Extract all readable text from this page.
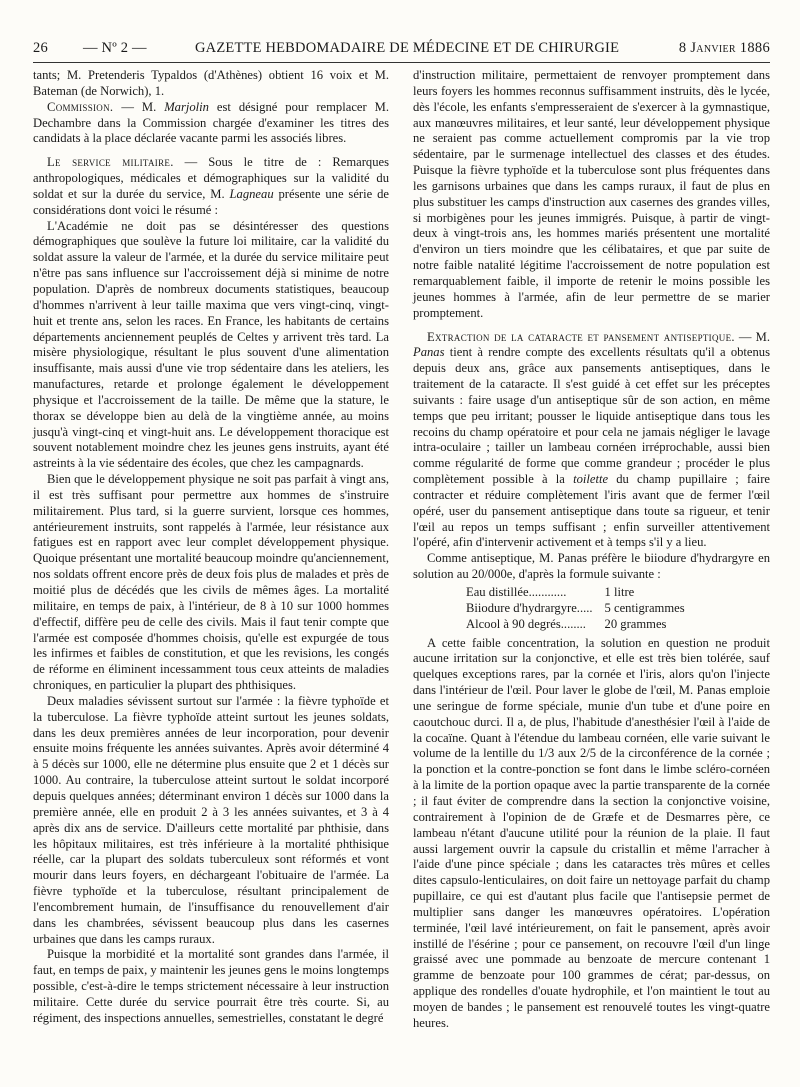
26 — Nº 2 —	GAZETTE HEBDOMADAIRE DE MÉDECINE ET DE CHIRURGIE	8 Janvier 1886

tants; M. Pretenderis Typaldos (d'Athènes) obtient 16 voix et M. Bateman (de Norwich), 1.

Commission. — M. Marjolin est désigné pour remplacer M. Dechambre dans la Commission chargée d'examiner les titres des candidats à la place déclarée vacante parmi les associés libres.

Le service militaire. — Sous le titre de : Remarques anthropologiques, médicales et démographiques sur la validité du soldat et sur la durée du service, M. Lagneau présente une série de considérations dont voici le résumé :

L'Académie ne doit pas se désintéresser des questions démographiques que soulève la future loi militaire, car la validité du soldat assure la valeur de l'armée, et la durée du service militaire peut n'être pas sans influence sur l'accroissement déjà si minime de notre population. D'après de nombreux documents statistiques, beaucoup d'hommes n'arrivent à leur taille maxima que vers vingt-cinq, vingt-huit et trente ans, selon les races. En France, les habitants de certains départements anciennement peuplés de Celtes y arrivent très tard. La misère physiologique, résultant le plus souvent d'une alimentation insuffisante, mais aussi d'une vie trop sédentaire dans les ateliers, les manufactures, retarde et prolonge également le développement physique et l'accroissement de la taille. De même que la stature, le thorax se développe bien au delà de la vingtième année, au moins jusqu'à vingt-cinq et vingt-huit ans. Le développement thoracique est souvent notablement moindre chez les jeunes gens instruits, ayant été astreints à la vie sédentaire des écoles, que chez les campagnards.

Bien que le développement physique ne soit pas parfait à vingt ans, il est très suffisant pour permettre aux hommes de s'instruire militairement. Plus tard, si la guerre survient, lorsque ces hommes, antérieurement instruits, sont rappelés à l'armée, leur résistance aux fatigues est en rapport avec leur complet développement physique. Quoique présentant une mortalité beaucoup moindre qu'anciennement, nos soldats offrent encore près de deux fois plus de malades et près de moitié plus de décédés que les civils de mêmes âges. La mortalité militaire, en temps de paix, à l'intérieur, de 8 à 10 sur 1000 hommes d'effectif, diffère peu de celle des civils. Mais il faut tenir compte que l'armée est composée d'hommes choisis, qu'elle est expurgée de tous les infirmes et faibles de constitution, et que les revisions, les congés de réforme en éliminent incessamment tous ceux atteints de maladies chroniques, en particulier la plupart des phthisiques.

Deux maladies sévissent surtout sur l'armée : la fièvre typhoïde et la tuberculose. La fièvre typhoïde atteint surtout les jeunes soldats, dans les deux premières années de leur incorporation, pour devenir ensuite moins fréquente les années suivantes. Après avoir déterminé 4 à 5 décès sur 1000, elle ne détermine plus ensuite que 2 et 1 décès sur 1000. Au contraire, la tuberculose atteint surtout le soldat incorporé depuis quelques années; déterminant environ 1 décès sur 1000 dans la première année, elle en produit 2 à 3 les années suivantes, et 3 à 4 après dix ans de service. D'ailleurs cette mortalité par phthisie, dans les hôpitaux militaires, est très inférieure à la mortalité phthisique réelle, car la plupart des soldats tuberculeux sont réformés et vont mourir dans leurs foyers, en déchargeant l'obituaire de l'armée. La fièvre typhoïde et la tuberculose, résultant principalement de l'encombrement humain, de l'insuffisance du renouvellement d'air dans les chambrées, sévissent beaucoup plus dans les casernes urbaines que dans les camps ruraux.

Puisque la morbidité et la mortalité sont grandes dans l'armée, il faut, en temps de paix, y maintenir les jeunes gens le moins longtemps possible, c'est-à-dire le temps strictement nécessaire à leur instruction militaire. Cette durée du service pourrait être très courte. Si, au régiment, des inspections annuelles, semestrielles, constatant le degré

d'instruction militaire, permettaient de renvoyer promptement dans leurs foyers les hommes reconnus suffisamment instruits, dès le lycée, dès l'école, les enfants s'empresseraient de s'exercer à la gymnastique, aux manœuvres militaires, et leur santé, leur développement physique ne seraient pas comme actuellement compromis par la vie trop sédentaire, par le surmenage intellectuel des classes et des études. Puisque la fièvre typhoïde et la tuberculose sont plus fréquentes dans les garnisons urbaines que dans les camps ruraux, il faut de plus en plus substituer les camps d'instruction aux casernes des grandes villes, si morbigènes pour les jeunes immigrés. Puisque, à partir de vingt-deux à vingt-trois ans, les hommes mariés présentent une mortalité d'environ un tiers moindre que les célibataires, et que par suite de notre faible natalité légitime l'accroissement de notre population est remarquablement faible, il importe de retenir le moins possible les jeunes hommes à l'armée, afin de leur permettre de se marier promptement.

Extraction de la cataracte et pansement antiseptique. — M. Panas tient à rendre compte des excellents résultats qu'il a obtenus depuis deux ans, grâce aux pansements antiseptiques, dans le traitement de la cataracte. Il s'est guidé à cet effet sur les préceptes suivants : faire usage d'un antiseptique sûr de son action, en même temps que peu irritant; pousser le liquide antiseptique dans tous les recoins du champ opératoire et pour cela ne jamais négliger le lavage intra-oculaire ; tailler un lambeau cornéen irréprochable, aussi bien comme régularité de forme que comme grandeur ; procéder le plus complètement possible à la toilette du champ pupillaire ; faire contracter et réduire complètement l'iris avant que de fermer l'œil opéré, user du pansement antiseptique dans toute sa rigueur, et tenir l'œil au repos un temps suffisant ; enfin surveiller attentivement l'opéré, afin d'intervenir activement et à temps s'il y a lieu.

Comme antiseptique, M. Panas préfère le biiodure d'hydrargyre en solution au 20/000e, d'après la formule suivante :

Eau distillée............	1 litre
Biiodure d'hydrargyre.....	5 centigrammes
Alcool à 90 degrés........	20 grammes

A cette faible concentration, la solution en question ne produit aucune irritation sur la conjonctive, et elle est très bien tolérée, sauf quelques exceptions rares, par la cornée et l'iris, alors qu'on l'injecte dans l'intérieur de l'œil. Pour laver le globe de l'œil, M. Panas emploie une seringue de forme spéciale, munie d'un tube et d'une poire en caoutchouc durci. Il a, de plus, l'habitude d'anesthésier l'œil à l'aide de la cocaïne. Quant à l'étendue du lambeau cornéen, elle varie suivant le volume de la lentille du 1/3 aux 2/5 de la circonférence de la cornée ; la ponction et la contre-ponction se font dans le limbe scléro-cornéen à la limite de la portion opaque avec la partie transparente de la cornée ; il faut éviter de comprendre dans la section la conjonctive voisine, contrairement à l'opinion de de Græfe et de Desmarres père, ce lambeau n'étant d'aucune utilité pour la réunion de la plaie. Il faut aussi largement ouvrir la capsule du cristallin et même l'arracher à l'aide d'une pince spéciale ; dans les cataractes très mûres et celles dites capsulo-lenticulaires, on doit faire un nettoyage parfait du champ pupillaire, ce qui est d'autant plus facile que l'antisepsie permet de multiplier sans danger les manœuvres opératoires. L'opération terminée, l'œil lavé intérieurement, on fait le pansement, après avoir instillé de l'ésérine ; pour ce pansement, on recouvre l'œil d'un linge graissé avec une pommade au benzoate de mercure contenant 1 gramme de benzoate pour 100 grammes de cérat; par-dessus, on applique des rondelles d'ouate hydrophile, et l'on maintient le tout au moyen de bandes ; le pansement est renouvelé toutes les vingt-quatre heures.
